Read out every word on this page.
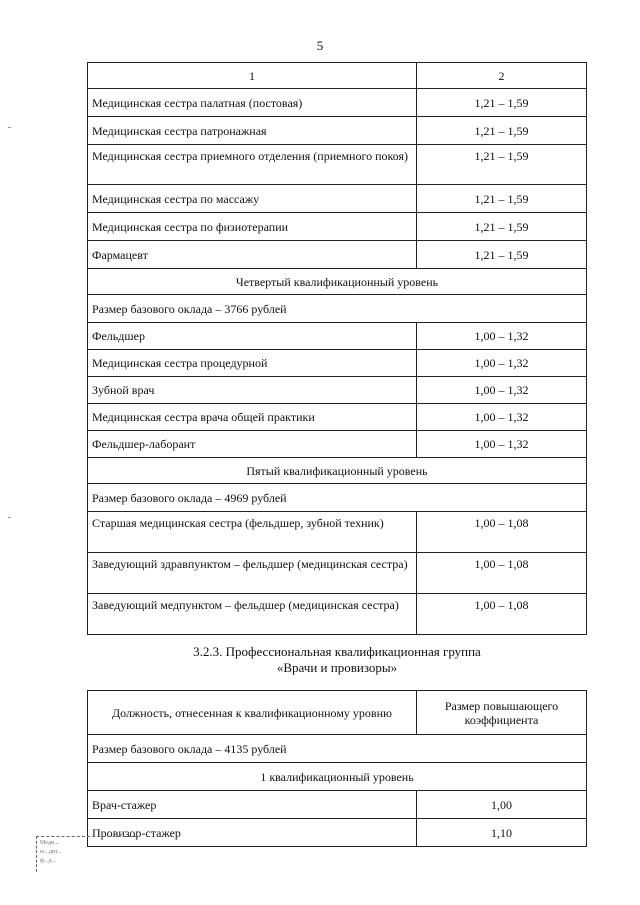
5
1	2
Медицинская сестра палатная (постовая)	1,21 – 1,59
Медицинская сестра патронажная	1,21 – 1,59
Медицинская сестра приемного отделения (приемного покоя)	1,21 – 1,59
Медицинская сестра по массажу	1,21 – 1,59
Медицинская сестра по физиотерапии	1,21 – 1,59
Фармацевт	1,21 – 1,59
Четвертый квалификационный уровень	
Размер базового оклада – 3766 рублей	
Фельдшер	1,00 – 1,32
Медицинская сестра процедурной	1,00 – 1,32
Зубной врач	1,00 – 1,32
Медицинская сестра врача общей практики	1,00 – 1,32
Фельдшер-лаборант	1,00 – 1,32
Пятый квалификационный уровень	
Размер базового оклада – 4969 рублей	
Старшая медицинская сестра (фельдшер, зубной техник)	1,00 – 1,08
Заведующий здравпунктом – фельдшер (медицинская сестра)	1,00 – 1,08
Заведующий медпунктом – фельдшер (медицинская сестра)	1,00 – 1,08
3.2.3. Профессиональная квалификационная группа
«Врачи и провизоры»
Должность, отнесенная к квалификационному уровню	Размер повышающего коэффициента
Размер базового оклада – 4135 рублей	
1 квалификационный уровень	
Врач-стажер	1,00
Провизор-стажер	1,10
Меди...
ю...дит...
ф...д...
